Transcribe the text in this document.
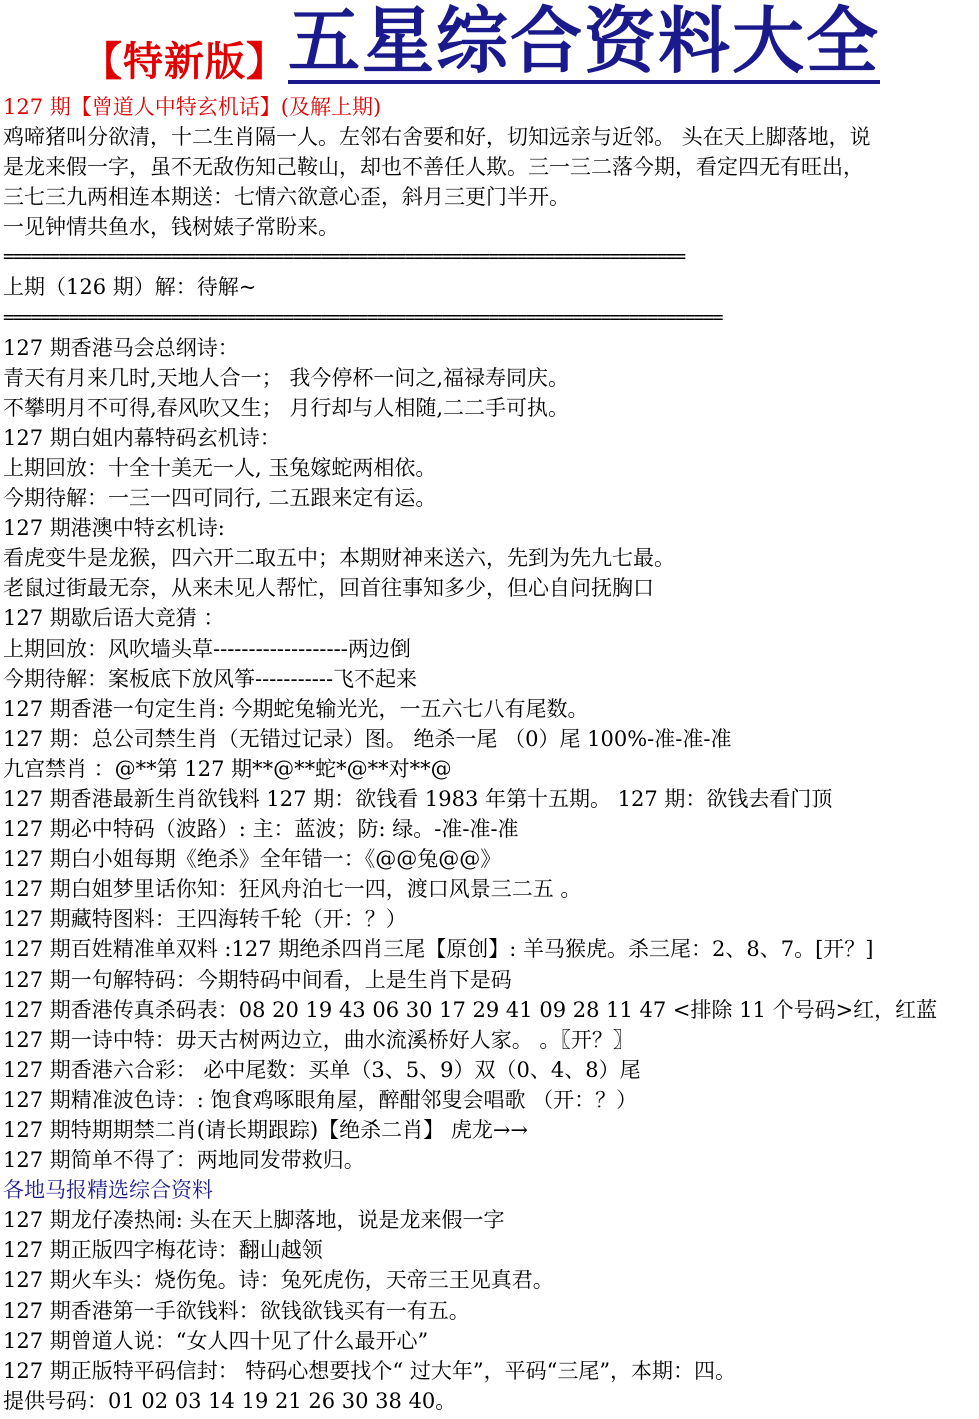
【特新版】 五星综合资料大全
127 期【曾道人中特玄机话】(及解上期)
鸡啼猪叫分欲清，十二生肖隔一人。左邻右舍要和好，切知远亲与近邻。 头在天上脚落地，说
是龙来假一字，虽不无敌伤知己鞍山，却也不善任人欺。三一三二落今期，看定四无有旺出，
三七三九两相连本期送：七情六欲意心歪，斜月三更门半开。
一见钟情共鱼水，钱树婊子常盼来。
=========================================================================
上期（126 期）解：待解~
=============================================================================
127 期香港马会总纲诗：
青天有月来几时,天地人合一； 我今停杯一问之,福禄寿同庆。
不攀明月不可得,春风吹又生； 月行却与人相随,二二手可执。
127 期白姐内幕特码玄机诗：
上期回放：十全十美无一人, 玉兔嫁蛇两相依。
今期待解：一三一四可同行, 二五跟来定有运。
127 期港澳中特玄机诗:
看虎变牛是龙猴，四六开二取五中；本期财神来送六，先到为先九七最。
老鼠过街最无奈，从来未见人帮忙，回首往事知多少，但心自问抚胸口
127 期歇后语大竞猜 ：
上期回放：风吹墙头草-------------------两边倒
今期待解：案板底下放风筝-----------飞不起来
127 期香港一句定生肖: 今期蛇兔输光光，一五六七八有尾数。
127 期：总公司禁生肖（无错过记录）图。 绝杀一尾 （0）尾 100%-准-准-准
九宫禁肖 ：@**第 127 期**@**蛇*@**对**@
127 期香港最新生肖欲钱料 127 期：欲钱看 1983 年第十五期。 127 期：欲钱去看门顶
127 期必中特码（波路）: 主：蓝波；防: 绿。-准-准-准
127 期白小姐每期《绝杀》全年错一：《@@兔@@》
127 期白姐梦里话你知：狂风舟泊七一四，渡口风景三二五 。
127 期藏特图料：王四海转千轮（开：？）
127 期百姓精准单双料 :127 期绝杀四肖三尾【原创】: 羊马猴虎。杀三尾：2、8、7。[开？]
127 期一句解特码：今期特码中间看，上是生肖下是码
127 期香港传真杀码表：08 20 19 43 06 30 17 29 41 09 28 11 47 <排除 11 个号码>红，红蓝
127 期一诗中特：毋天古树两边立，曲水流溪桥好人家。 。〖开？〗
127 期香港六合彩： 必中尾数：买单（3、5、9）双（0、4、8）尾
127 期精准波色诗：: 饱食鸡啄眼角屋，醉酣邻叟会唱歌 （开：？）
127 期特期期禁二肖(请长期跟踪)【绝杀二肖】 虎龙→→
127 期简单不得了：两地同发带救归。
各地马报精选综合资料
127 期龙仔凑热闹: 头在天上脚落地，说是龙来假一字
127 期正版四字梅花诗：翻山越领
127 期火车头：烧伤兔。诗：兔死虎伤，天帝三王见真君。
127 期香港第一手欲钱料：欲钱欲钱买有一有五。
127 期曾道人说：“女人四十见了什么最开心”
127 期正版特平码信封： 特码心想要找个“ 过大年”，平码“三尾”，本期：四。
提供号码：01 02 03 14 19 21 26 30 38 40。
